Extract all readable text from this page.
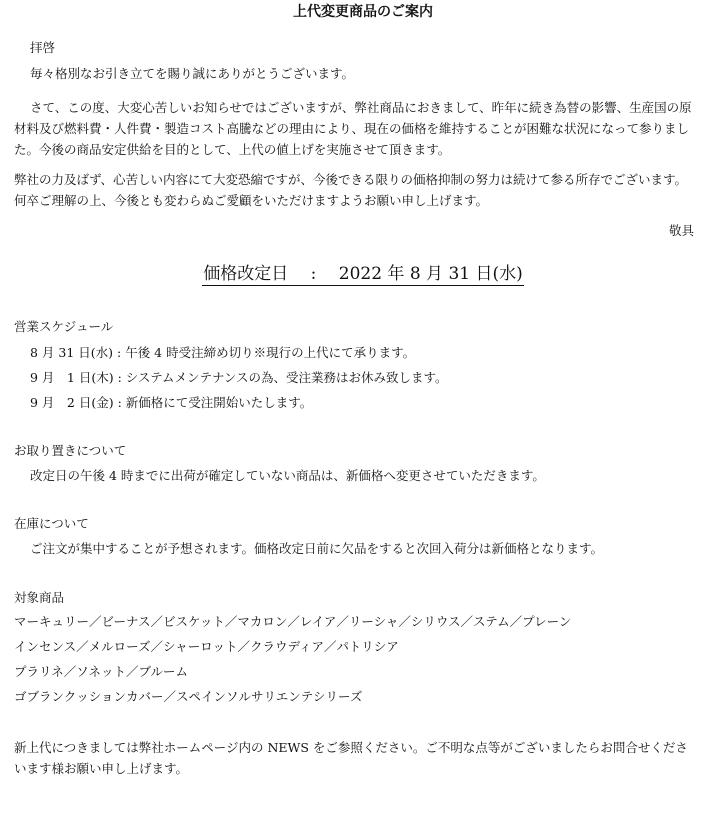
上代変更商品のご案内
拝啓
毎々格別なお引き立てを賜り誠にありがとうございます。
さて、この度、大変心苦しいお知らせではございますが、弊社商品におきまして、昨年に続き為替の影響、生産国の原材料及び燃料費・人件費・製造コスト高騰などの理由により、現在の価格を維持することが困難な状況になって参りました。今後の商品安定供給を目的として、上代の値上げを実施させて頂きます。
弊社の力及ばず、心苦しい内容にて大変恐縮ですが、今後できる限りの価格抑制の努力は続けて参る所存でございます。何卒ご理解の上、今後とも変わらぬご愛顧をいただけますようお願い申し上げます。
敬具
価格改定日　 :　 2022 年 8 月 31 日(水)
営業スケジュール
8 月 31 日(水) : 午後 4 時受注締め切り※現行の上代にて承ります。
9 月　1 日(木) : システムメンテナンスの為、受注業務はお休み致します。
9 月　2 日(金) : 新価格にて受注開始いたします。
お取り置きについて
改定日の午後 4 時までに出荷が確定していない商品は、新価格へ変更させていただきます。
在庫について
ご注文が集中することが予想されます。価格改定日前に欠品をすると次回入荷分は新価格となります。
対象商品
マーキュリー／ビーナス／ビスケット／マカロン／レイア／リーシャ／シリウス／ステム／プレーン
インセンス／メルローズ／シャーロット／クラウディア／パトリシア
プラリネ／ソネット／ブルーム
ゴブランクッションカバー／スペインソルサリエンテシリーズ
新上代につきましては弊社ホームページ内の NEWS をご参照ください。ご不明な点等がございましたらお問合せくださいます様お願い申し上げます。
